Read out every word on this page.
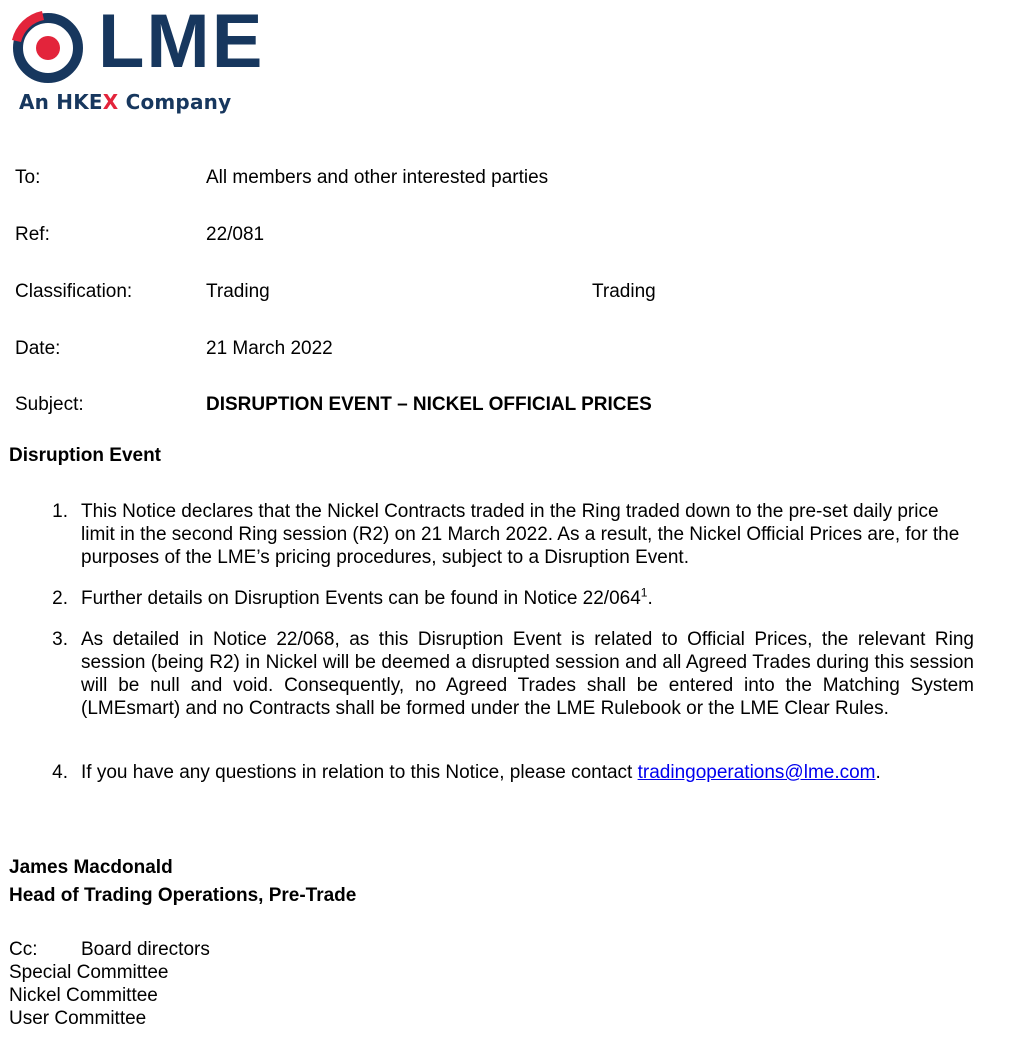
LME
An HKEX Company
To:	All members and other interested parties
Ref:	22/081
Classification:	Trading	Trading
Date:	21 March 2022
Subject:	DISRUPTION EVENT – NICKEL OFFICIAL PRICES
Disruption Event
1. This Notice declares that the Nickel Contracts traded in the Ring traded down to the pre-set daily price limit in the second Ring session (R2) on 21 March 2022. As a result, the Nickel Official Prices are, for the purposes of the LME’s pricing procedures, subject to a Disruption Event.
2. Further details on Disruption Events can be found in Notice $22/064^1$.
3. As detailed in Notice 22/068, as this Disruption Event is related to Official Prices, the relevant Ring session (being R2) in Nickel will be deemed a disrupted session and all Agreed Trades during this session will be null and void. Consequently, no Agreed Trades shall be entered into the Matching System (LMEsmart) and no Contracts shall be formed under the LME Rulebook or the LME Clear Rules.
4. If you have any questions in relation to this Notice, please contact tradingoperations@lme.com.
James Macdonald
Head of Trading Operations, Pre-Trade
Cc: Board directors
Special Committee
Nickel Committee
User Committee
